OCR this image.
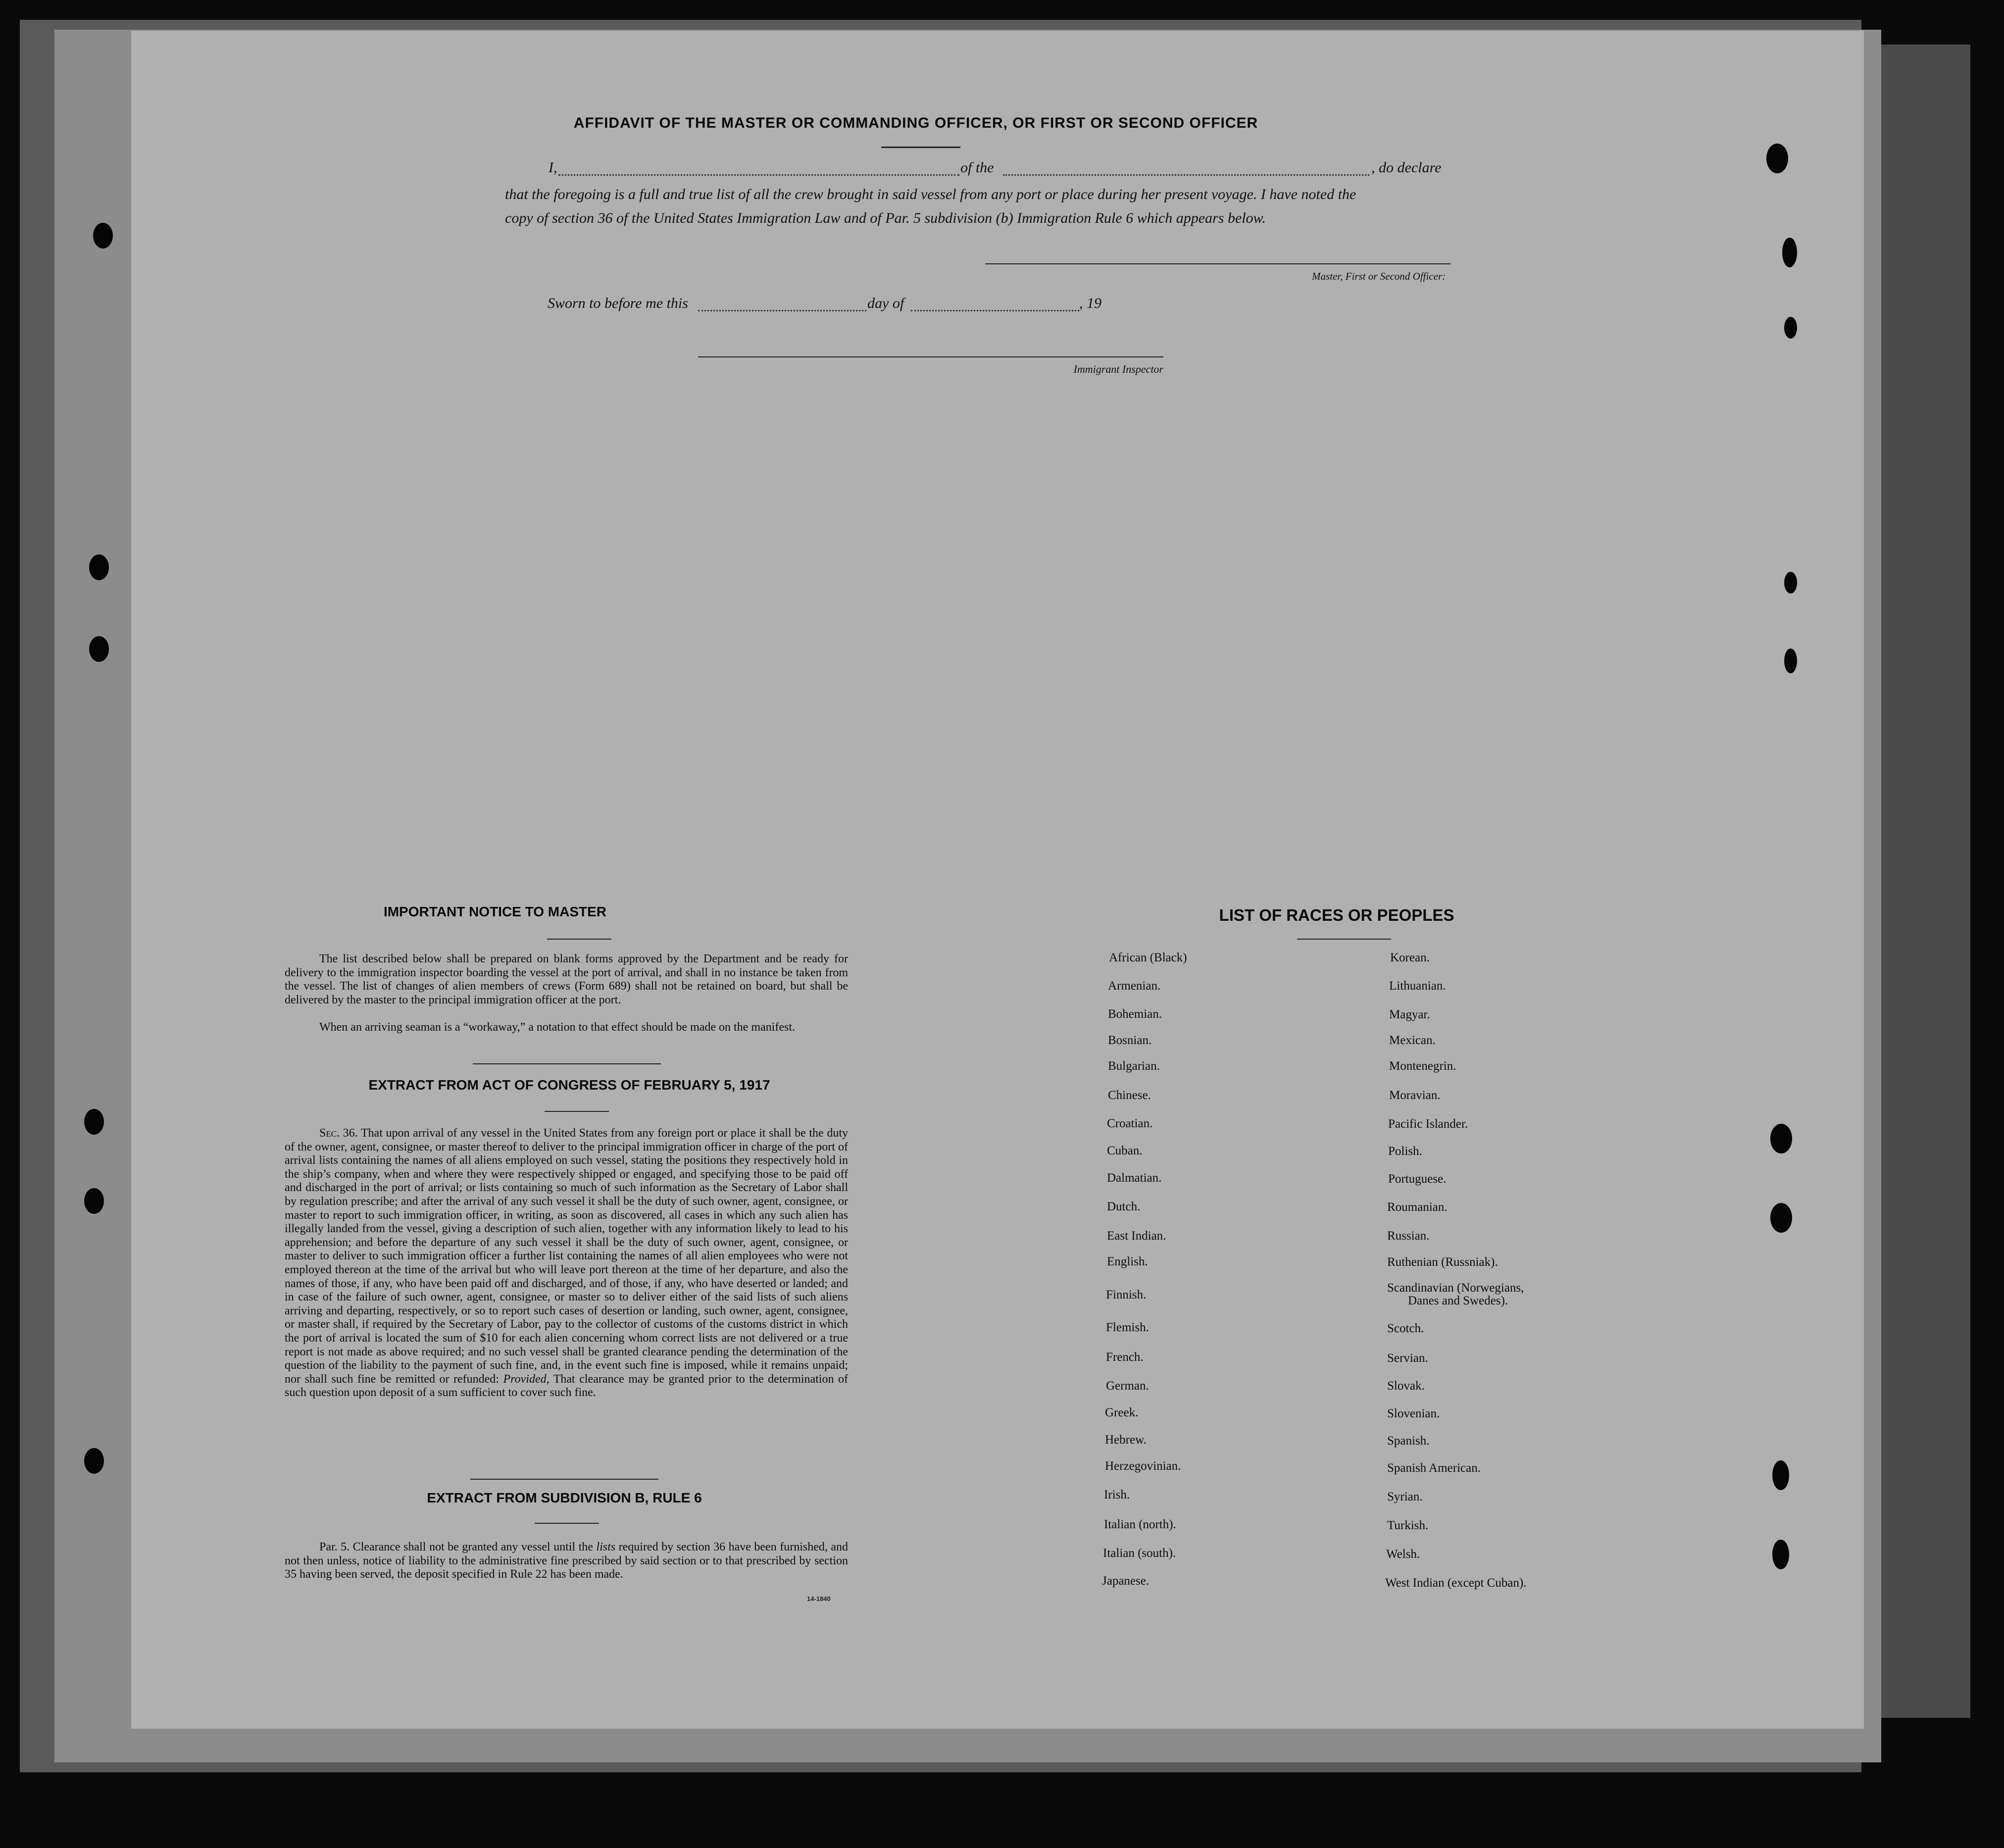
AFFIDAVIT OF THE MASTER OR COMMANDING OFFICER, OR FIRST OR SECOND OFFICER
I,	of the	, do declare
that the foregoing is a full and true list of all the crew brought in said vessel from any port or place during her present voyage. I have noted the
copy of section 36 of the United States Immigration Law and of Par. 5 subdivision (b) Immigration Rule 6 which appears below.
Master, First or Second Officer:
Sworn to before me this	day of	, 19
Immigrant Inspector
IMPORTANT NOTICE TO MASTER
The list described below shall be prepared on blank forms approved by the Department and be ready for delivery to the immigration inspector boarding the vessel at the port of arrival, and shall in no instance be taken from the vessel. The list of changes of alien members of crews (Form 689) shall not be retained on board, but shall be delivered by the master to the principal immigration officer at the port.
When an arriving seaman is a “workaway,” a notation to that effect should be made on the manifest.
EXTRACT FROM ACT OF CONGRESS OF FEBRUARY 5, 1917
Sec. 36. That upon arrival of any vessel in the United States from any foreign port or place it shall be the duty of the owner, agent, consignee, or master thereof to deliver to the principal immigration officer in charge of the port of arrival lists containing the names of all aliens employed on such vessel, stating the positions they respectively hold in the ship’s company, when and where they were respectively shipped or engaged, and specifying those to be paid off and discharged in the port of arrival; or lists containing so much of such information as the Secretary of Labor shall by regulation prescribe; and after the arrival of any such vessel it shall be the duty of such owner, agent, consignee, or master to report to such immigration officer, in writing, as soon as discovered, all cases in which any such alien has illegally landed from the vessel, giving a description of such alien, together with any information likely to lead to his apprehension; and before the departure of any such vessel it shall be the duty of such owner, agent, consignee, or master to deliver to such immigration officer a further list containing the names of all alien employees who were not employed thereon at the time of the arrival but who will leave port thereon at the time of her departure, and also the names of those, if any, who have been paid off and discharged, and of those, if any, who have deserted or landed; and in case of the failure of such owner, agent, consignee, or master so to deliver either of the said lists of such aliens arriving and departing, respectively, or so to report such cases of desertion or landing, such owner, agent, consignee, or master shall, if required by the Secretary of Labor, pay to the collector of customs of the customs district in which the port of arrival is located the sum of $10 for each alien concerning whom correct lists are not delivered or a true report is not made as above required; and no such vessel shall be granted clearance pending the determination of the question of the liability to the payment of such fine, and, in the event such fine is imposed, while it remains unpaid; nor shall such fine be remitted or refunded: Provided, That clearance may be granted prior to the determination of such question upon deposit of a sum sufficient to cover such fine.
EXTRACT FROM SUBDIVISION B, RULE 6
Par. 5. Clearance shall not be granted any vessel until the lists required by section 36 have been furnished, and not then unless, notice of liability to the administrative fine prescribed by said section or to that prescribed by section 35 having been served, the deposit specified in Rule 22 has been made.
14-1840
LIST OF RACES OR PEOPLES
African (Black)
Armenian.
Bohemian.
Bosnian.
Bulgarian.
Chinese.
Croatian.
Cuban.
Dalmatian.
Dutch.
East Indian.
English.
Finnish.
Flemish.
French.
German.
Greek.
Hebrew.
Herzegovinian.
Irish.
Italian (north).
Italian (south).
Japanese.
Korean.
Lithuanian.
Magyar.
Mexican.
Montenegrin.
Moravian.
Pacific Islander.
Polish.
Portuguese.
Roumanian.
Russian.
Ruthenian (Russniak).
Scandinavian (Norwegians,
Danes and Swedes).
Scotch.
Servian.
Slovak.
Slovenian.
Spanish.
Spanish American.
Syrian.
Turkish.
Welsh.
West Indian (except Cuban).
